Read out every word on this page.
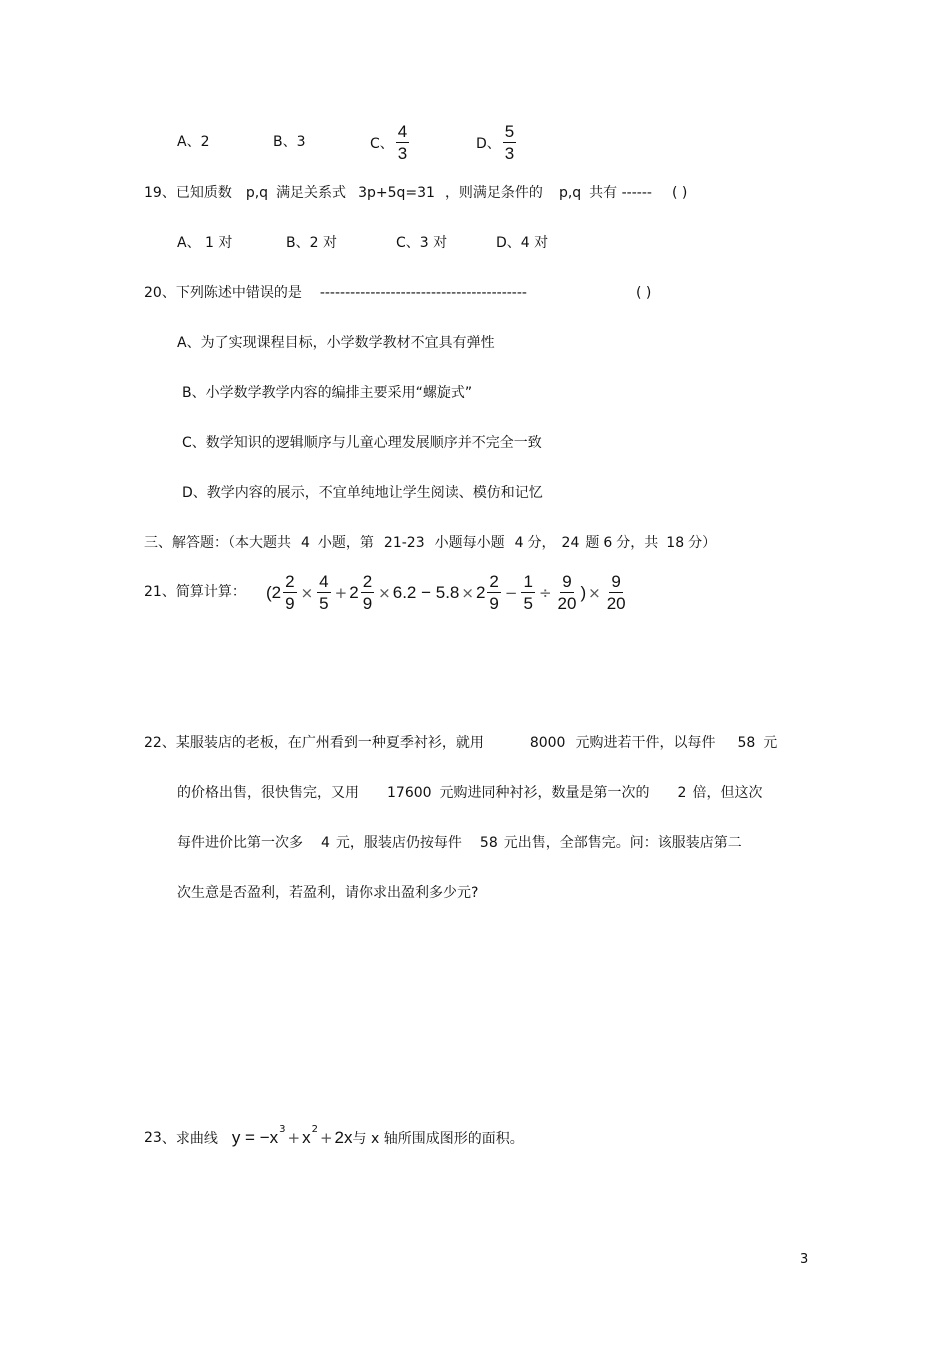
A、2	B、3	C、 $\frac{4}{3}$	D、 $\frac{5}{3}$
19、已知质数 p,q 满足关系式 3p+5q=31 ，则满足条件的 p,q 共有 ------ ( )
A、 1 对	B、2 对	C、3 对	D、4 对
20、下列陈述中错误的是 -----------------------------------------	( )
A、为了实现课程目标，小学数学教材不宜具有弹性
B、小学数学教学内容的编排主要采用“螺旋式”
C、数学知识的逻辑顺序与儿童心理发展顺序并不完全一致
D、教学内容的展示，不宜单纯地让学生阅读、模仿和记忆
三、解答题：（本大题共 4 小题，第 21-23 小题每小题 4 分， 24 题 6 分，共 18 分）
21、简算计算： ($2 \frac{2}{9} \times \frac{4}{5} + 2 \frac{2}{9} \times 6.2 - 5.8 \times 2 \frac{2}{9} - \frac{1}{5} \div \frac{9}{20}$ ) × $\frac{9}{20}$
22、某服装店的老板，在广州看到一种夏季衬衫，就用	8000 元购进若干件，以每件 58 元
的价格出售，很快售完，又用 17600 元购进同种衬衫，数量是第一次的 2 倍，但这次
每件进价比第一次多 4 元，服装店仍按每件 58 元出售，全部售完。问：该服装店第二
次生意是否盈利，若盈利，请你求出盈利多少元?
23 、求曲线 y = −x 3 + x 2 + 2x 与 x 轴所围成图形的面积。
3
